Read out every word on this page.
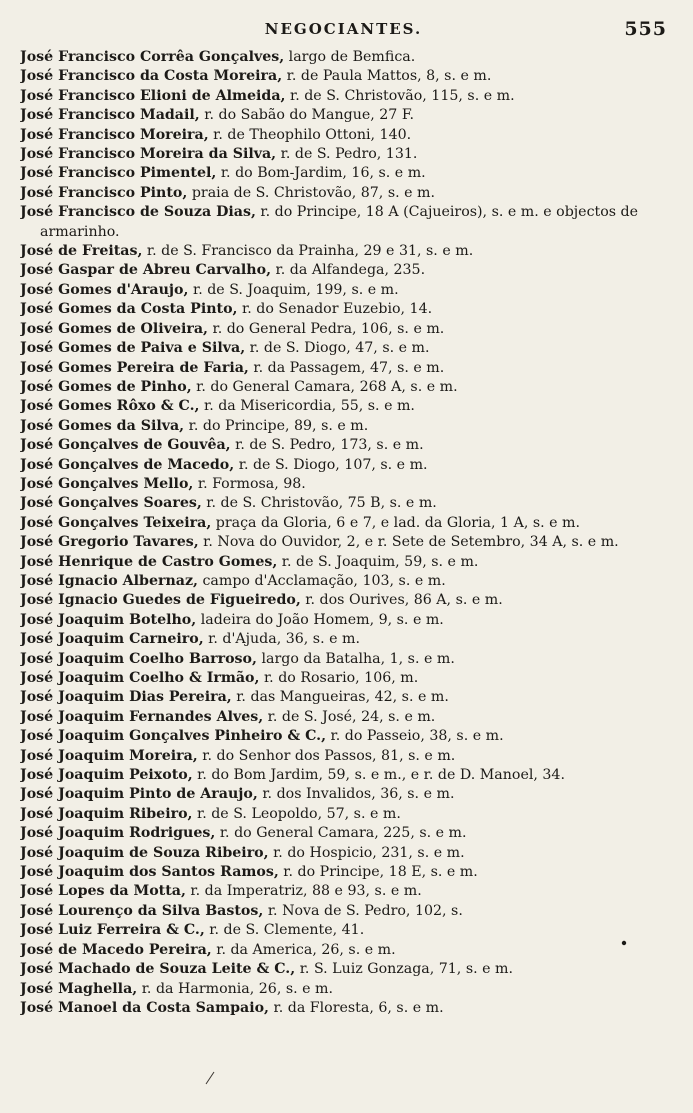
NEGOCIANTES.	555
José Francisco Corrêa Gonçalves, largo de Bemfica.
José Francisco da Costa Moreira, r. de Paula Mattos, 8, s. e m.
José Francisco Elioni de Almeida, r. de S. Christovão, 115, s. e m.
José Francisco Madail, r. do Sabão do Mangue, 27 F.
José Francisco Moreira, r. de Theophilo Ottoni, 140.
José Francisco Moreira da Silva, r. de S. Pedro, 131.
José Francisco Pimentel, r. do Bom-Jardim, 16, s. e m.
José Francisco Pinto, praia de S. Christovão, 87, s. e m.
José Francisco de Souza Dias, r. do Principe, 18 A (Cajueiros), s. e m. e objectos de armarinho.
José de Freitas, r. de S. Francisco da Prainha, 29 e 31, s. e m.
José Gaspar de Abreu Carvalho, r. da Alfandega, 235.
José Gomes d'Araujo, r. de S. Joaquim, 199, s. e m.
José Gomes da Costa Pinto, r. do Senador Euzebio, 14.
José Gomes de Oliveira, r. do General Pedra, 106, s. e m.
José Gomes de Paiva e Silva, r. de S. Diogo, 47, s. e m.
José Gomes Pereira de Faria, r. da Passagem, 47, s. e m.
José Gomes de Pinho, r. do General Camara, 268 A, s. e m.
José Gomes Rôxo & C., r. da Misericordia, 55, s. e m.
José Gomes da Silva, r. do Principe, 89, s. e m.
José Gonçalves de Gouvêa, r. de S. Pedro, 173, s. e m.
José Gonçalves de Macedo, r. de S. Diogo, 107, s. e m.
José Gonçalves Mello, r. Formosa, 98.
José Gonçalves Soares, r. de S. Christovão, 75 B, s. e m.
José Gonçalves Teixeira, praça da Gloria, 6 e 7, e lad. da Gloria, 1 A, s. e m.
José Gregorio Tavares, r. Nova do Ouvidor, 2, e r. Sete de Setembro, 34 A, s. e m.
José Henrique de Castro Gomes, r. de S. Joaquim, 59, s. e m.
José Ignacio Albernaz, campo d'Acclamação, 103, s. e m.
José Ignacio Guedes de Figueiredo, r. dos Ourives, 86 A, s. e m.
José Joaquim Botelho, ladeira do João Homem, 9, s. e m.
José Joaquim Carneiro, r. d'Ajuda, 36, s. e m.
José Joaquim Coelho Barroso, largo da Batalha, 1, s. e m.
José Joaquim Coelho & Irmão, r. do Rosario, 106, m.
José Joaquim Dias Pereira, r. das Mangueiras, 42, s. e m.
José Joaquim Fernandes Alves, r. de S. José, 24, s. e m.
José Joaquim Gonçalves Pinheiro & C., r. do Passeio, 38, s. e m.
José Joaquim Moreira, r. do Senhor dos Passos, 81, s. e m.
José Joaquim Peixoto, r. do Bom Jardim, 59, s. e m., e r. de D. Manoel, 34.
José Joaquim Pinto de Araujo, r. dos Invalidos, 36, s. e m.
José Joaquim Ribeiro, r. de S. Leopoldo, 57, s. e m.
José Joaquim Rodrigues, r. do General Camara, 225, s. e m.
José Joaquim de Souza Ribeiro, r. do Hospicio, 231, s. e m.
José Joaquim dos Santos Ramos, r. do Principe, 18 E, s. e m.
José Lopes da Motta, r. da Imperatriz, 88 e 93, s. e m.
José Lourenço da Silva Bastos, r. Nova de S. Pedro, 102, s.
José Luiz Ferreira & C., r. de S. Clemente, 41.
José de Macedo Pereira, r. da America, 26, s. e m.
José Machado de Souza Leite & C., r. S. Luiz Gonzaga, 71, s. e m.
José Maghella, r. da Harmonia, 26, s. e m.
José Manoel da Costa Sampaio, r. da Floresta, 6, s. e m.
